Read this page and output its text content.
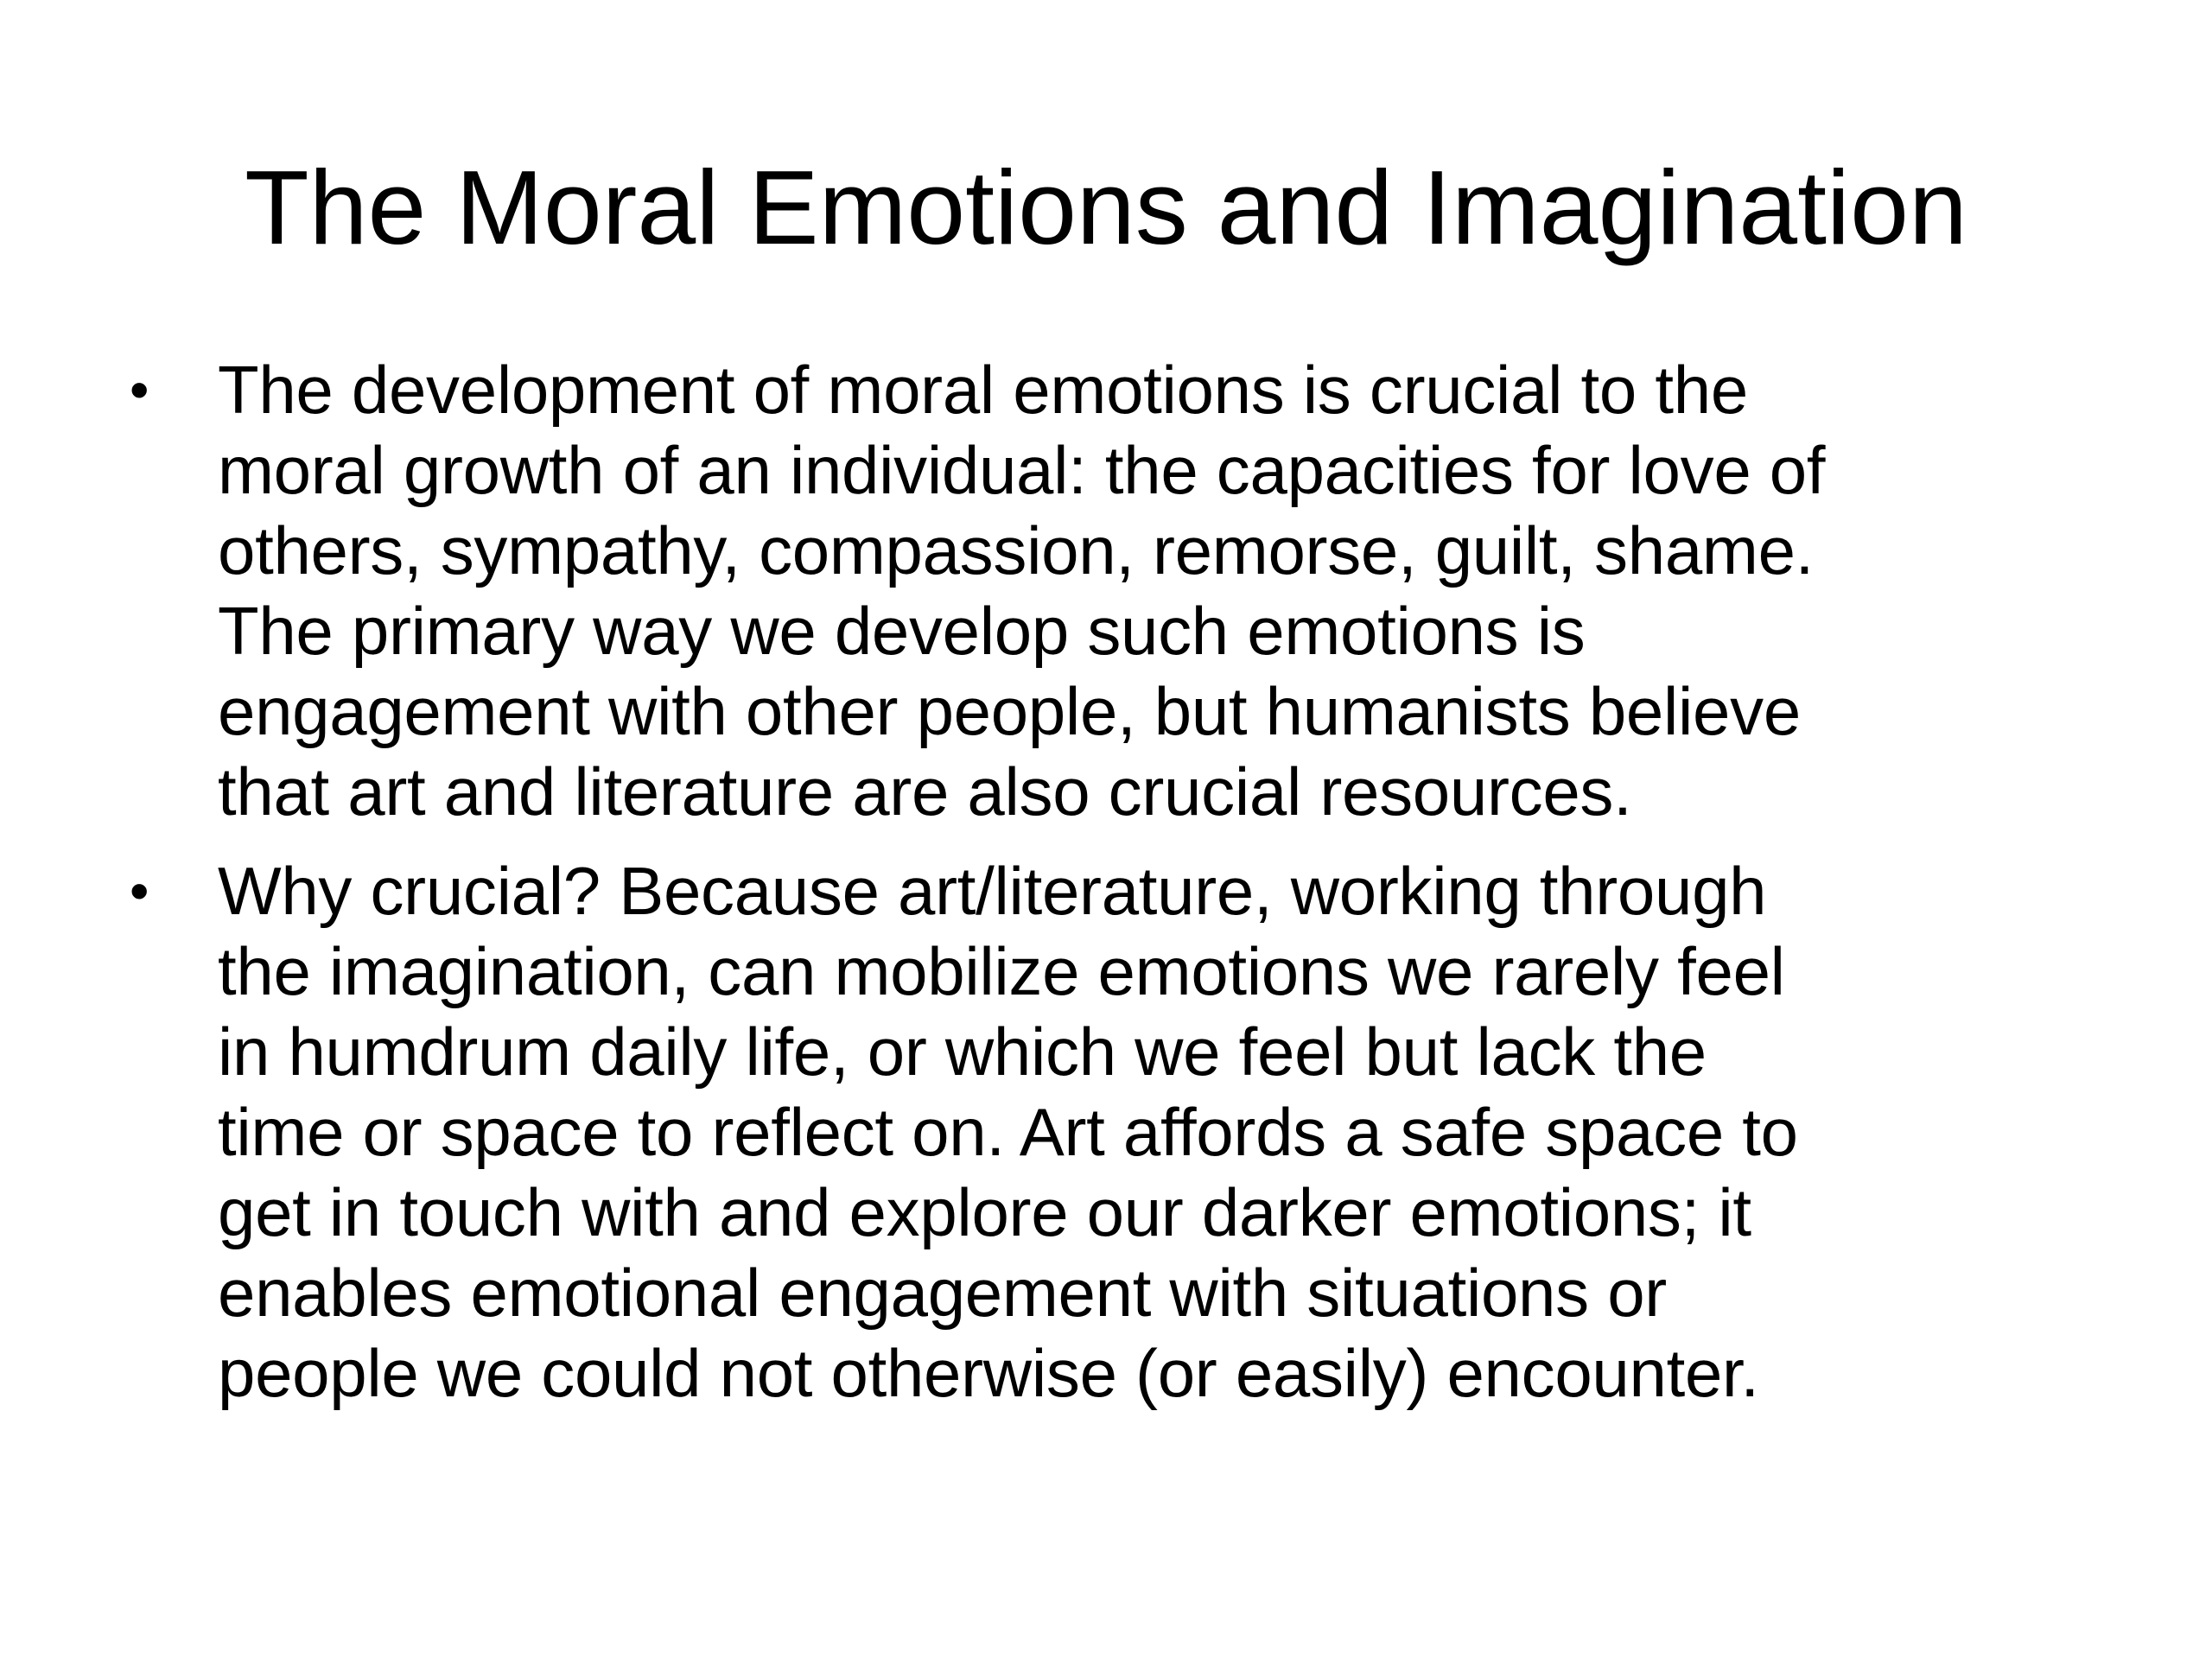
The Moral Emotions and Imagination
•	The development of moral emotions is crucial to the
moral growth of an individual: the capacities for love of
others, sympathy, compassion, remorse, guilt, shame.
The primary way we develop such emotions is
engagement with other people, but humanists believe
that art and literature are also crucial resources.
•	Why crucial? Because art/literature, working through
the imagination, can mobilize emotions we rarely feel
in humdrum daily life, or which we feel but lack the
time or space to reflect on. Art affords a safe space to
get in touch with and explore our darker emotions; it
enables emotional engagement with situations or
people we could not otherwise (or easily) encounter.
